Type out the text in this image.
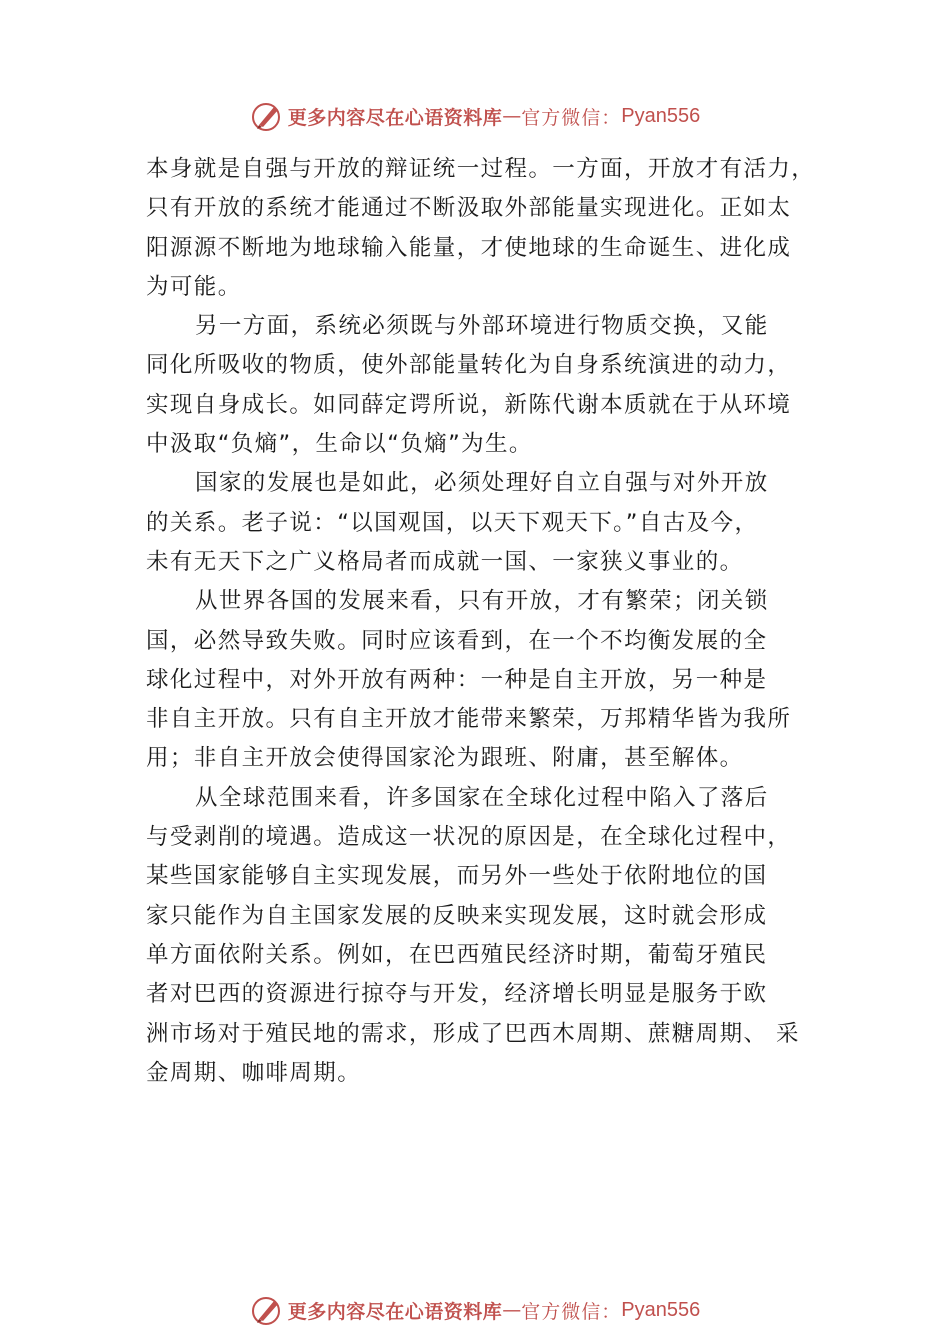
更多内容尽在心语资料库 — 官方微信： Pyan556
本身就是自强与开放的辩证统一过程。一方面，开放才有活力，
只有开放的系统才能通过不断汲取外部能量实现进化。正如太
阳源源不断地为地球输入能量，才使地球的生命诞生、进化成
为可能。
另一方面，系统必须既与外部环境进行物质交换，又能
同化所吸收的物质，使外部能量转化为自身系统演进的动力，
实现自身成长。如同薛定谔所说，新陈代谢本质就在于从环境
中汲取“负熵”，生命以“负熵”为生。
国家的发展也是如此，必须处理好自立自强与对外开放
的关系。老子说：“以国观国，以天下观天下。”自古及今，
未有无天下之广义格局者而成就一国、一家狭义事业的。
从世界各国的发展来看，只有开放，才有繁荣；闭关锁
国，必然导致失败。同时应该看到，在一个不均衡发展的全
球化过程中，对外开放有两种：一种是自主开放，另一种是
非自主开放。只有自主开放才能带来繁荣，万邦精华皆为我所
用；非自主开放会使得国家沦为跟班、附庸，甚至解体。
从全球范围来看，许多国家在全球化过程中陷入了落后
与受剥削的境遇。造成这一状况的原因是，在全球化过程中，
某些国家能够自主实现发展，而另外一些处于依附地位的国
家只能作为自主国家发展的反映来实现发展，这时就会形成
单方面依附关系。例如，在巴西殖民经济时期，葡萄牙殖民
者对巴西的资源进行掠夺与开发，经济增长明显是服务于欧
洲市场对于殖民地的需求，形成了巴西木周期、蔗糖周期、 采
金周期、咖啡周期。
更多内容尽在心语资料库 — 官方微信： Pyan556
